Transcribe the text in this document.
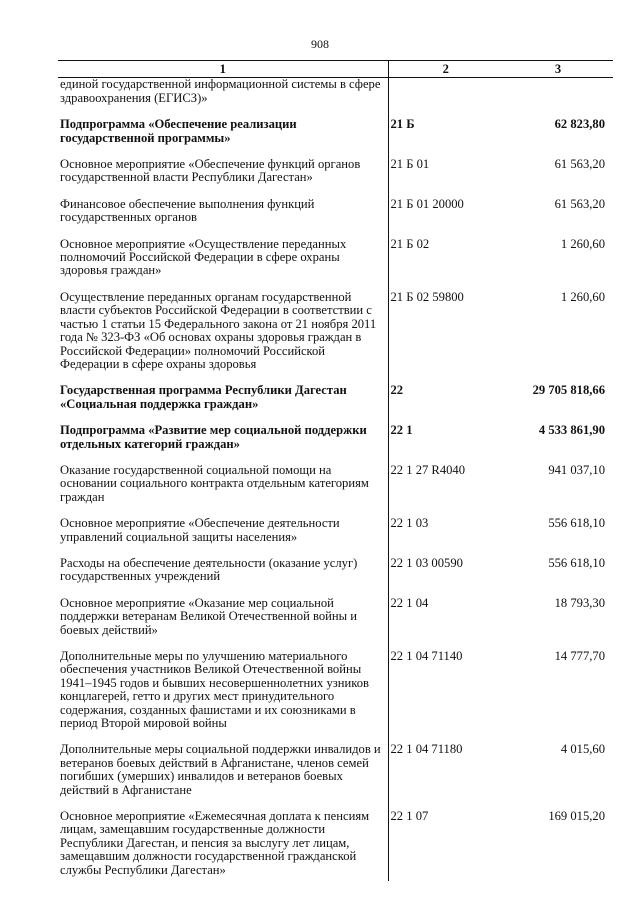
908
1	2	3
единой государственной информационной системы в сфере здравоохранения (ЕГИСЗ)»		
Подпрограмма «Обеспечение реализации государственной программы»	21 Б	62 823,80
Основное мероприятие «Обеспечение функций органов государственной власти Республики Дагестан»	21 Б 01	61 563,20
Финансовое обеспечение выполнения функций государственных органов	21 Б 01 20000	61 563,20
Основное мероприятие «Осуществление переданных полномочий Российской Федерации в сфере охраны здоровья граждан»	21 Б 02	1 260,60
Осуществление переданных органам государственной власти субъектов Российской Федерации в соответствии с частью 1 статьи 15 Федерального закона от 21 ноября 2011 года № 323-ФЗ «Об основах охраны здоровья граждан в Российской Федерации» полномочий Российской Федерации в сфере охраны здоровья	21 Б 02 59800	1 260,60
Государственная программа Республики Дагестан «Социальная поддержка граждан»	22	29 705 818,66
Подпрограмма «Развитие мер социальной поддержки отдельных категорий граждан»	22 1	4 533 861,90
Оказание государственной социальной помощи на основании социального контракта отдельным категориям граждан	22 1 27 R4040	941 037,10
Основное мероприятие «Обеспечение деятельности управлений социальной защиты населения»	22 1 03	556 618,10
Расходы на обеспечение деятельности (оказание услуг) государственных учреждений	22 1 03 00590	556 618,10
Основное мероприятие «Оказание мер социальной поддержки ветеранам Великой Отечественной войны и боевых действий»	22 1 04	18 793,30
Дополнительные меры по улучшению материального обеспечения участников Великой Отечественной войны 1941–1945 годов и бывших несовершеннолетних узников концлагерей, гетто и других мест принудительного содержания, созданных фашистами и их союзниками в период Второй мировой войны	22 1 04 71140	14 777,70
Дополнительные меры социальной поддержки инвалидов и ветеранов боевых действий в Афганистане, членов семей погибших (умерших) инвалидов и ветеранов боевых действий в Афганистане	22 1 04 71180	4 015,60
Основное мероприятие «Ежемесячная доплата к пенсиям лицам, замещавшим государственные должности Республики Дагестан, и пенсия за выслугу лет лицам, замещавшим должности государственной гражданской службы Республики Дагестан»	22 1 07	169 015,20
